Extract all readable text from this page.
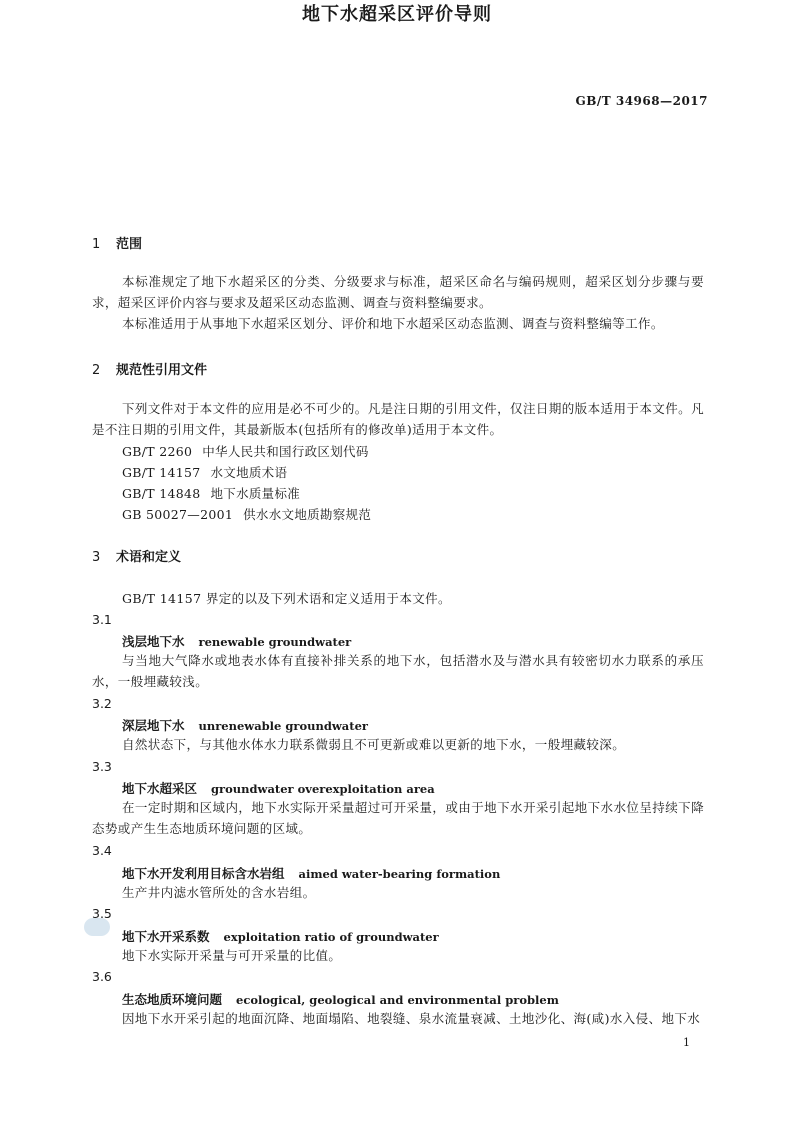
GB/T 34968—2017
地下水超采区评价导则
1 范围
本标准规定了地下水超采区的分类、分级要求与标准，超采区命名与编码规则，超采区划分步骤与要求，超采区评价内容与要求及超采区动态监测、调查与资料整编要求。
本标准适用于从事地下水超采区划分、评价和地下水超采区动态监测、调查与资料整编等工作。
2 规范性引用文件
下列文件对于本文件的应用是必不可少的。凡是注日期的引用文件，仅注日期的版本适用于本文件。凡是不注日期的引用文件，其最新版本(包括所有的修改单)适用于本文件。
GB/T 2260 中华人民共和国行政区划代码
GB/T 14157 水文地质术语
GB/T 14848 地下水质量标准
GB 50027—2001 供水水文地质勘察规范
3 术语和定义
GB/T 14157 界定的以及下列术语和定义适用于本文件。
3.1
浅层地下水 renewable groundwater
与当地大气降水或地表水体有直接补排关系的地下水，包括潜水及与潜水具有较密切水力联系的承压水，一般埋藏较浅。
3.2
深层地下水 unrenewable groundwater
自然状态下，与其他水体水力联系微弱且不可更新或难以更新的地下水，一般埋藏较深。
3.3
地下水超采区 groundwater overexploitation area
在一定时期和区域内，地下水实际开采量超过可开采量，或由于地下水开采引起地下水水位呈持续下降态势或产生生态地质环境问题的区域。
3.4
地下水开发利用目标含水岩组 aimed water-bearing formation
生产井内滤水管所处的含水岩组。
3.5
地下水开采系数 exploitation ratio of groundwater
地下水实际开采量与可开采量的比值。
3.6
生态地质环境问题 ecological, geological and environmental problem
因地下水开采引起的地面沉降、地面塌陷、地裂缝、泉水流量衰减、土地沙化、海(咸)水入侵、地下水
1
